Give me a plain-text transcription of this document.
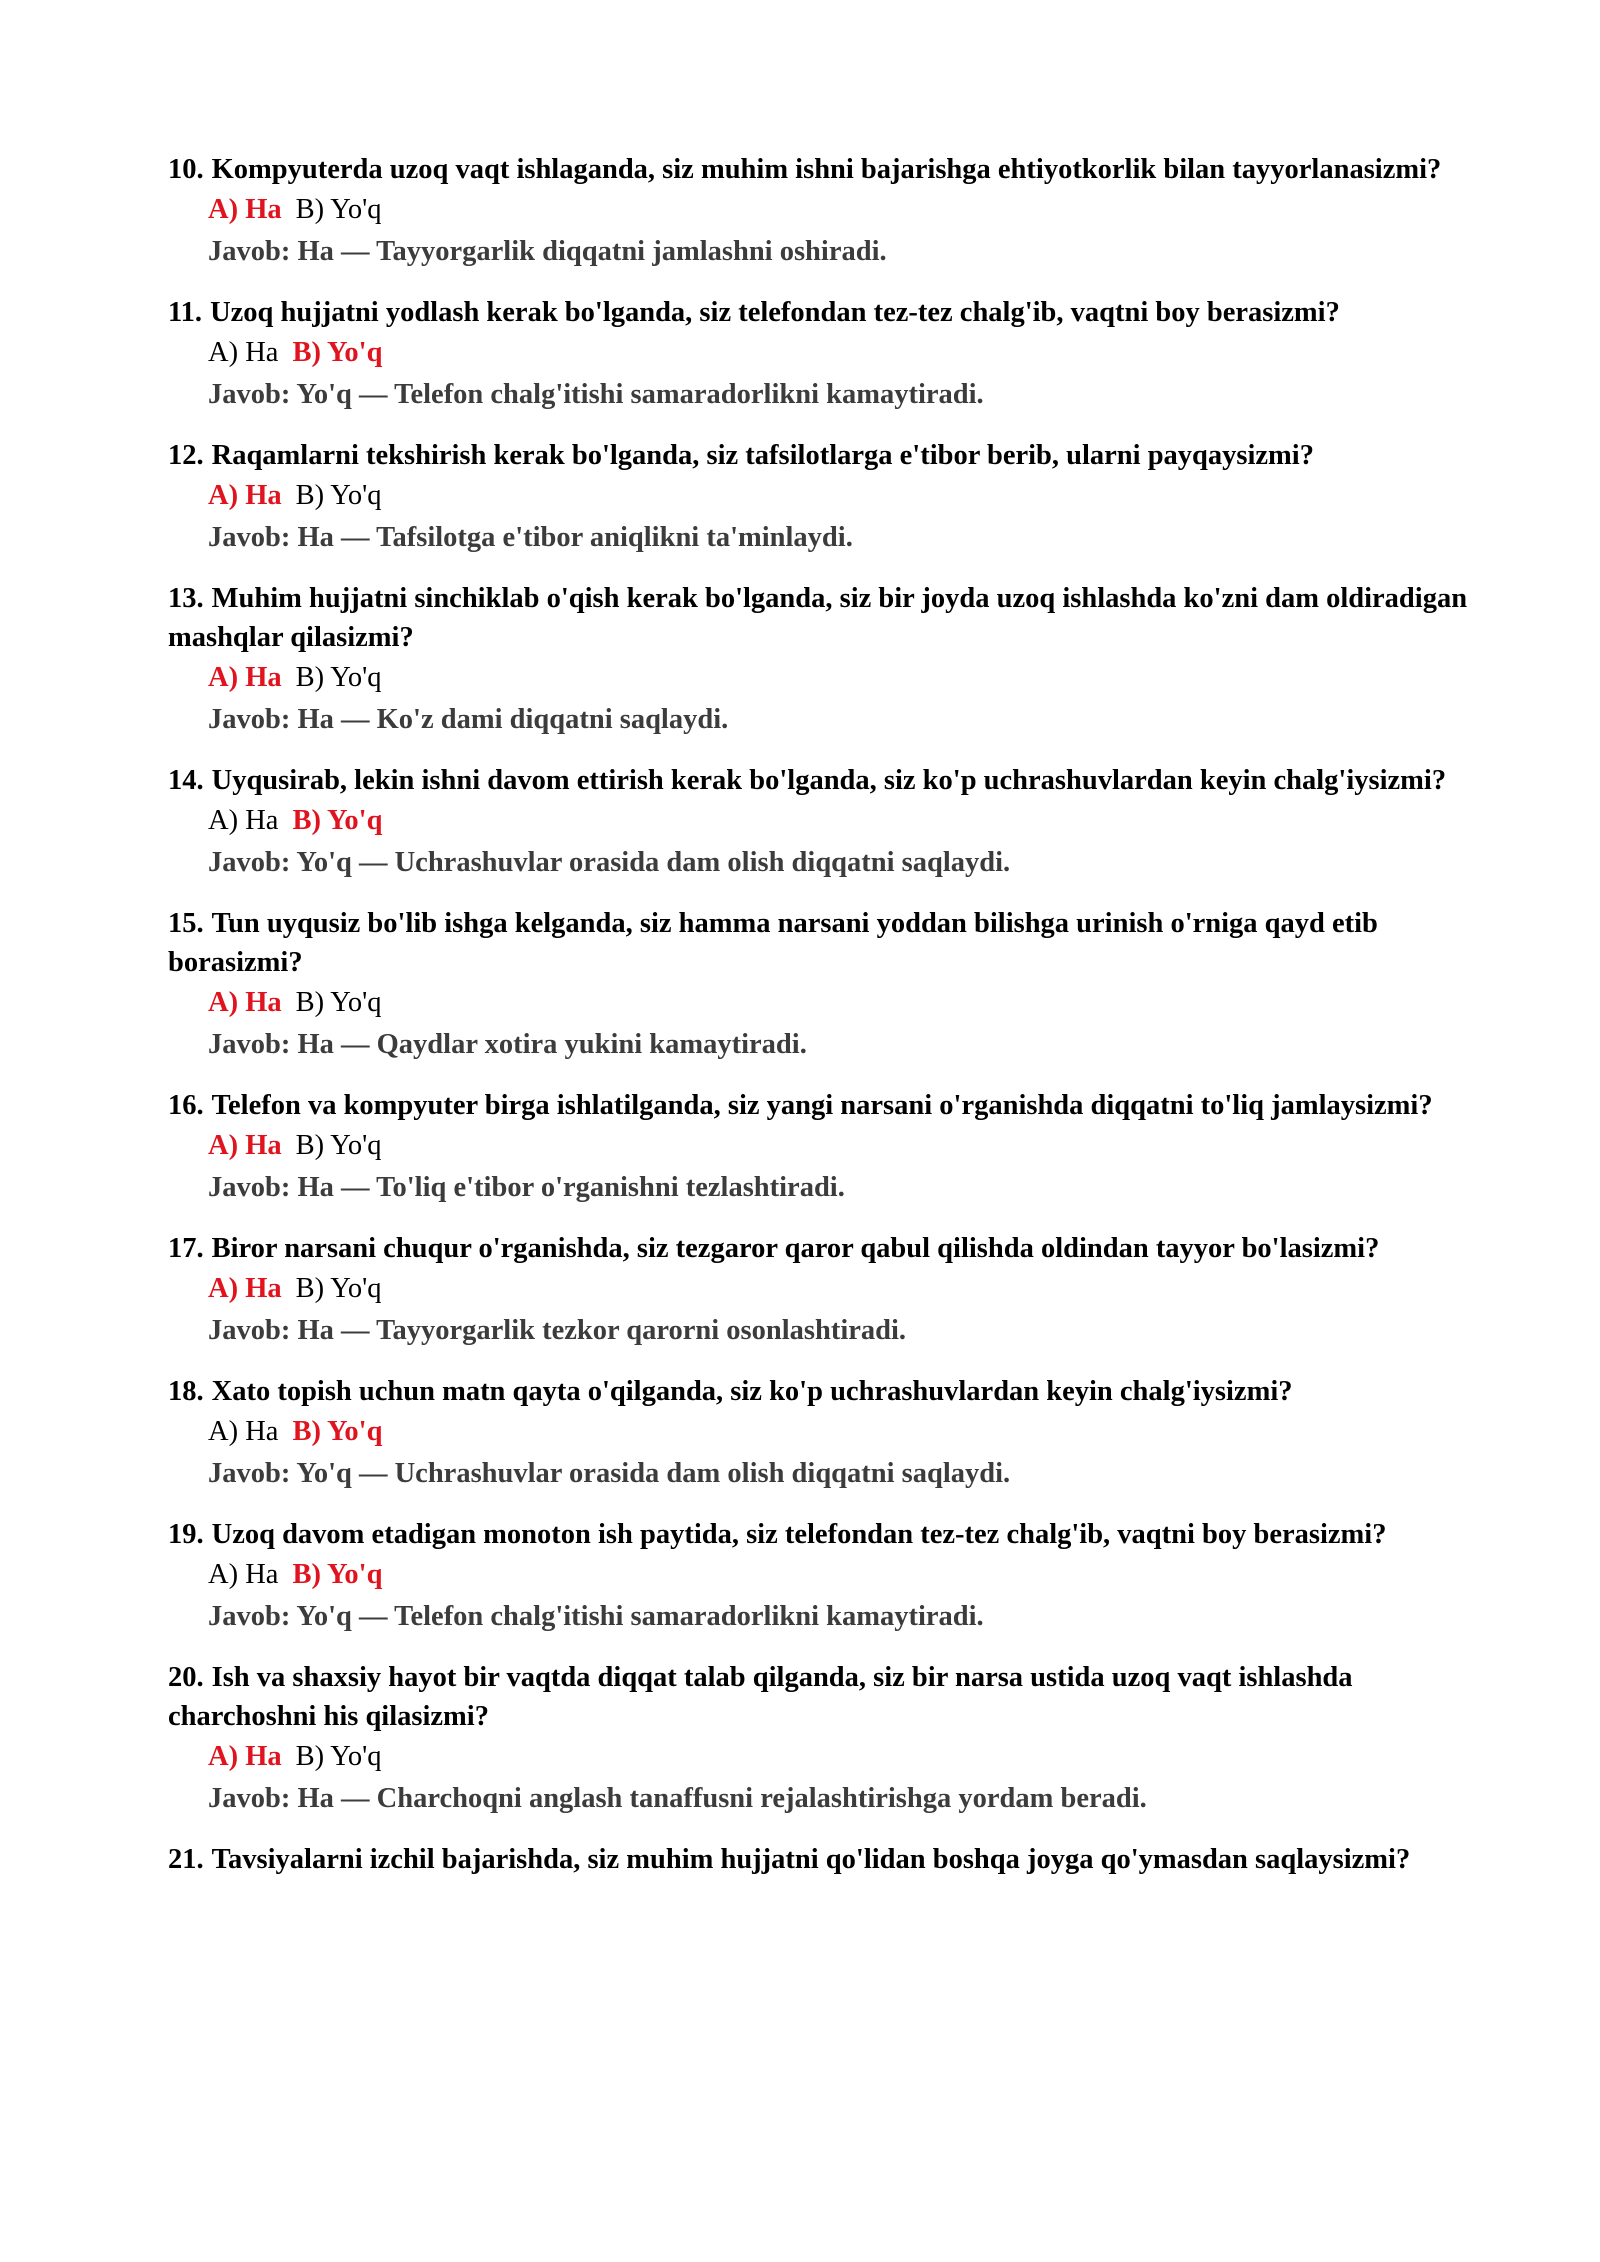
10. Kompyuterda uzoq vaqt ishlaganda, siz muhim ishni bajarishga ehtiyotkorlik bilan tayyorlanasizmi?
A) Ha B) Yo'q
Javob: Ha — Tayyorgarlik diqqatni jamlashni oshiradi.
11. Uzoq hujjatni yodlash kerak bo'lganda, siz telefondan tez-tez chalg'ib, vaqtni boy berasizmi?
A) Ha B) Yo'q
Javob: Yo'q — Telefon chalg'itishi samaradorlikni kamaytiradi.
12. Raqamlarni tekshirish kerak bo'lganda, siz tafsilotlarga e'tibor berib, ularni payqaysizmi?
A) Ha B) Yo'q
Javob: Ha — Tafsilotga e'tibor aniqlikni ta'minlaydi.
13. Muhim hujjatni sinchiklab o'qish kerak bo'lganda, siz bir joyda uzoq ishlashda ko'zni dam oldiradigan mashqlar qilasizmi?
A) Ha B) Yo'q
Javob: Ha — Ko'z dami diqqatni saqlaydi.
14. Uyqusirab, lekin ishni davom ettirish kerak bo'lganda, siz ko'p uchrashuvlardan keyin chalg'iysizmi?
A) Ha B) Yo'q
Javob: Yo'q — Uchrashuvlar orasida dam olish diqqatni saqlaydi.
15. Tun uyqusiz bo'lib ishga kelganda, siz hamma narsani yoddan bilishga urinish o'rniga qayd etib borasizmi?
A) Ha B) Yo'q
Javob: Ha — Qaydlar xotira yukini kamaytiradi.
16. Telefon va kompyuter birga ishlatilganda, siz yangi narsani o'rganishda diqqatni to'liq jamlaysizmi?
A) Ha B) Yo'q
Javob: Ha — To'liq e'tibor o'rganishni tezlashtiradi.
17. Biror narsani chuqur o'rganishda, siz tezgaror qaror qabul qilishda oldindan tayyor bo'lasizmi?
A) Ha B) Yo'q
Javob: Ha — Tayyorgarlik tezkor qarorni osonlashtiradi.
18. Xato topish uchun matn qayta o'qilganda, siz ko'p uchrashuvlardan keyin chalg'iysizmi?
A) Ha B) Yo'q
Javob: Yo'q — Uchrashuvlar orasida dam olish diqqatni saqlaydi.
19. Uzoq davom etadigan monoton ish paytida, siz telefondan tez-tez chalg'ib, vaqtni boy berasizmi?
A) Ha B) Yo'q
Javob: Yo'q — Telefon chalg'itishi samaradorlikni kamaytiradi.
20. Ish va shaxsiy hayot bir vaqtda diqqat talab qilganda, siz bir narsa ustida uzoq vaqt ishlashda charchoshni his qilasizmi?
A) Ha B) Yo'q
Javob: Ha — Charchoqni anglash tanaffusni rejalashtirishga yordam beradi.
21. Tavsiyalarni izchil bajarishda, siz muhim hujjatni qo'lidan boshqa joyga qo'ymasdan saqlaysizmi?
